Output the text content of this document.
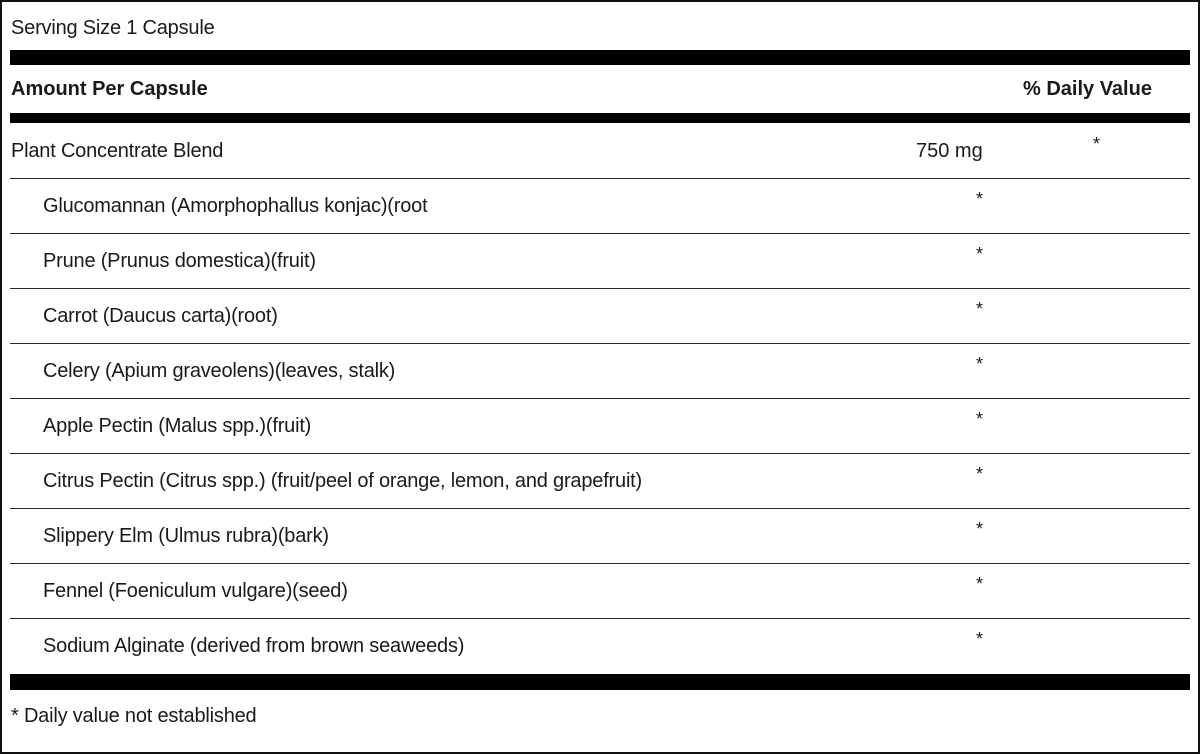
Serving Size 1 Capsule
Amount Per Capsule	% Daily Value
Plant Concentrate Blend	750 mg	*
Glucomannan (Amorphophallus konjac)(root	*
Prune (Prunus domestica)(fruit)	*
Carrot (Daucus carta)(root)	*
Celery (Apium graveolens)(leaves, stalk)	*
Apple Pectin (Malus spp.)(fruit)	*
Citrus Pectin (Citrus spp.) (fruit/peel of orange, lemon, and grapefruit)	*
Slippery Elm (Ulmus rubra)(bark)	*
Fennel (Foeniculum vulgare)(seed)	*
Sodium Alginate (derived from brown seaweeds)	*
* Daily value not established
